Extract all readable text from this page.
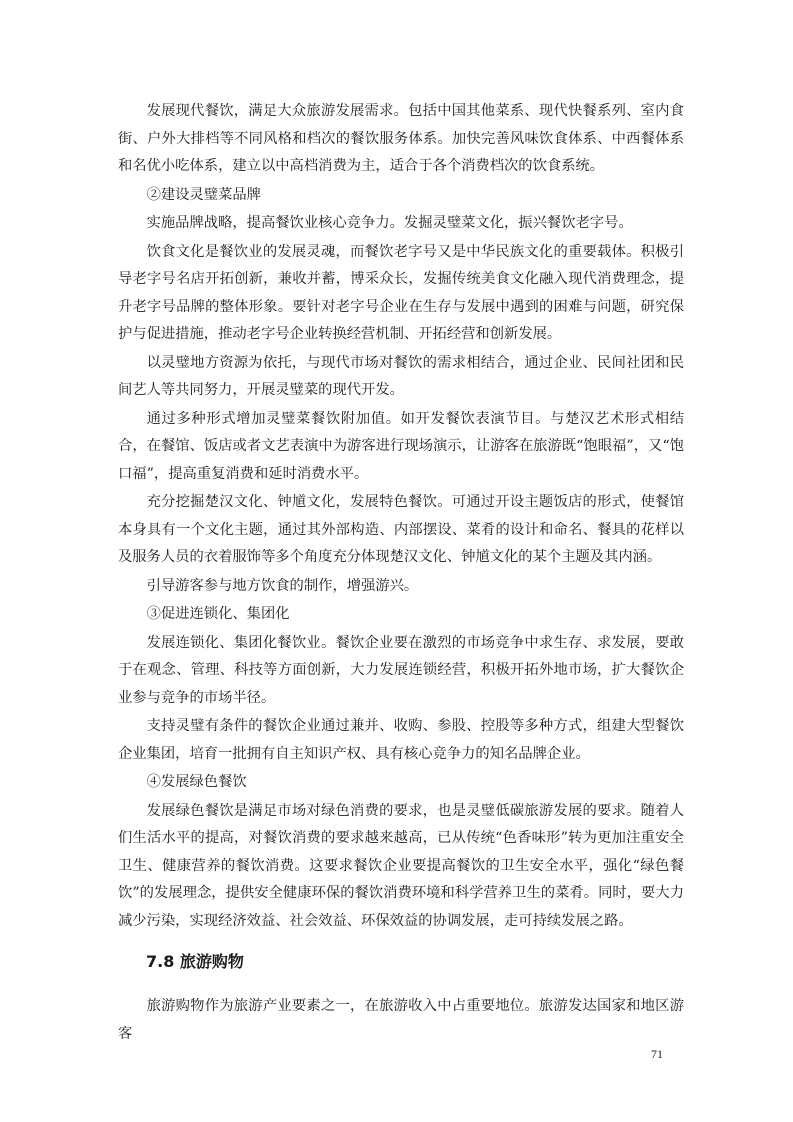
发展现代餐饮，满足大众旅游发展需求。包括中国其他菜系、现代快餐系列、室内食街、户外大排档等不同风格和档次的餐饮服务体系。加快完善风味饮食体系、中西餐体系和名优小吃体系，建立以中高档消费为主，适合于各个消费档次的饮食系统。

②建设灵璧菜品牌

实施品牌战略，提高餐饮业核心竞争力。发掘灵璧菜文化，振兴餐饮老字号。

饮食文化是餐饮业的发展灵魂，而餐饮老字号又是中华民族文化的重要载体。积极引导老字号名店开拓创新，兼收并蓄，博采众长，发掘传统美食文化融入现代消费理念，提升老字号品牌的整体形象。要针对老字号企业在生存与发展中遇到的困难与问题，研究保护与促进措施，推动老字号企业转换经营机制、开拓经营和创新发展。

以灵璧地方资源为依托，与现代市场对餐饮的需求相结合，通过企业、民间社团和民间艺人等共同努力，开展灵璧菜的现代开发。

通过多种形式增加灵璧菜餐饮附加值。如开发餐饮表演节目。与楚汉艺术形式相结合，在餐馆、饭店或者文艺表演中为游客进行现场演示，让游客在旅游既“饱眼福”，又“饱口福”，提高重复消费和延时消费水平。

充分挖掘楚汉文化、钟馗文化，发展特色餐饮。可通过开设主题饭店的形式，使餐馆本身具有一个文化主题，通过其外部构造、内部摆设、菜肴的设计和命名、餐具的花样以及服务人员的衣着服饰等多个角度充分体现楚汉文化、钟馗文化的某个主题及其内涵。

引导游客参与地方饮食的制作，增强游兴。

③促进连锁化、集团化

发展连锁化、集团化餐饮业。餐饮企业要在激烈的市场竞争中求生存、求发展，要敢于在观念、管理、科技等方面创新，大力发展连锁经营，积极开拓外地市场，扩大餐饮企业参与竞争的市场半径。

支持灵璧有条件的餐饮企业通过兼并、收购、参股、控股等多种方式，组建大型餐饮企业集团，培育一批拥有自主知识产权、具有核心竞争力的知名品牌企业。

④发展绿色餐饮

发展绿色餐饮是满足市场对绿色消费的要求，也是灵璧低碳旅游发展的要求。随着人们生活水平的提高，对餐饮消费的要求越来越高，已从传统“色香味形”转为更加注重安全卫生、健康营养的餐饮消费。这要求餐饮企业要提高餐饮的卫生安全水平，强化“绿色餐饮”的发展理念，提供安全健康环保的餐饮消费环境和科学营养卫生的菜肴。同时，要大力减少污染，实现经济效益、社会效益、环保效益的协调发展，走可持续发展之路。

7.8 旅游购物

旅游购物作为旅游产业要素之一，在旅游收入中占重要地位。旅游发达国家和地区游客

71
